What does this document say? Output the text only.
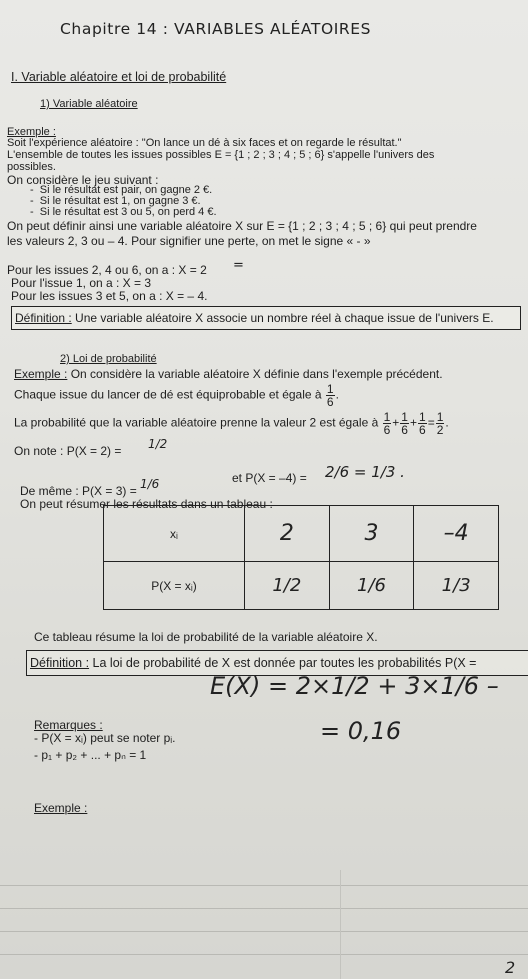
Chapitre 14 : VARIABLES ALÉATOIRES
I. Variable aléatoire et loi de probabilité
1) Variable aléatoire
Exemple :
Soit l'expérience aléatoire : "On lance un dé à six faces et on regarde le résultat."
L'ensemble de toutes les issues possibles E = {1 ; 2 ; 3 ; 4 ; 5 ; 6} s'appelle l'univers des
possibles.
On considère le jeu suivant :
-  Si le résultat est pair, on gagne 2 €.
-  Si le résultat est 1, on gagne 3 €.
-  Si le résultat est 3 ou 5, on perd 4 €.
On peut définir ainsi une variable aléatoire X sur E = {1 ; 2 ; 3 ; 4 ; 5 ; 6} qui peut prendre
les valeurs 2, 3 ou – 4. Pour signifier une perte, on met le signe « - »
Pour les issues 2, 4 ou 6, on a : X = 2 =
Pour l'issue 1, on a : X = 3
Pour les issues 3 et 5, on a : X = – 4.
Définition : Une variable aléatoire X associe un nombre réel à chaque issue de l'univers E.
2) Loi de probabilité
Exemple : On considère la variable aléatoire X définie dans l'exemple précédent.
Chaque issue du lancer de dé est équiprobable et égale à $\frac{1}{6}$ .
La probabilité que la variable aléatoire prenne la valeur 2 est égale à $\frac{1}{6} + \frac{1}{6} + \frac{1}{6} = \frac{1}{2}$ .
On note : P(X = 2) = 1/2
et P(X = –4) = 2/6 = 1/3 .
De même : P(X = 3) = 1/6
On peut résumer les résultats dans un tableau :
xᵢ	2	3	–4
P(X = xᵢ)	1/2	1/6	1/3
Ce tableau résume la loi de probabilité de la variable aléatoire X.
Définition : La loi de probabilité de X est donnée par toutes les probabilités P(X =
E(X) = 2×1/2 + 3×1/6 –
= 0,16
Remarques :
- P(X = xᵢ) peut se noter pᵢ.
- p₁ + p₂ + ... + pₙ = 1
Exemple :
2
